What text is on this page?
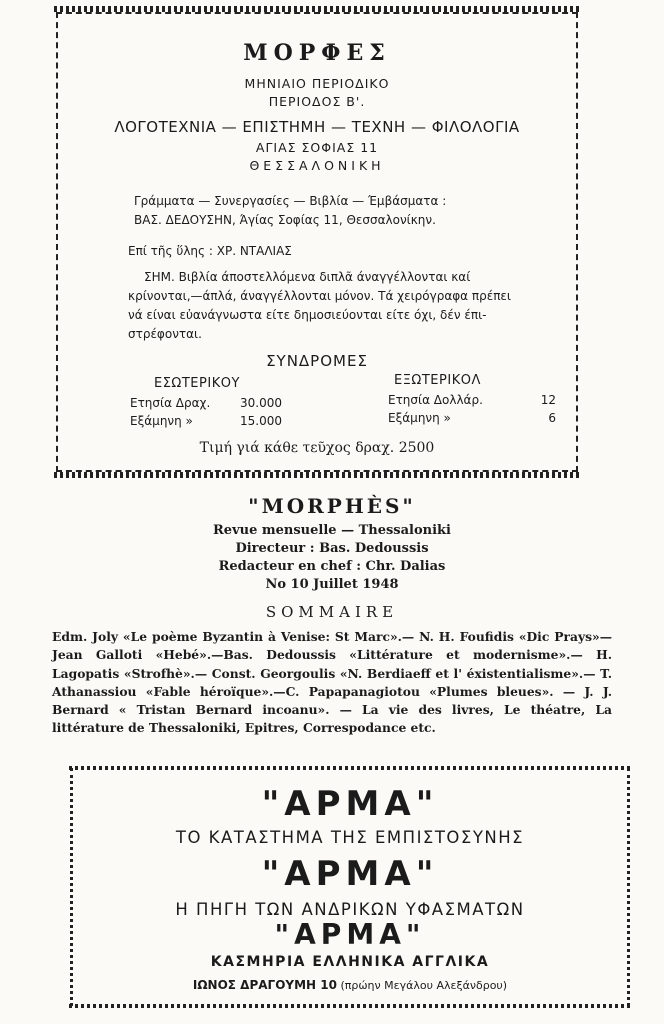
ΜΟΡΦΕΣ
ΜΗΝΙΑΙΟ ΠΕΡΙΟΔΙΚΟ
ΠΕΡΙΟΔΟΣ Β'.
ΛΟΓΟΤΕΧΝΙΑ — ΕΠΙΣΤΗΜΗ — ΤΕΧΝΗ — ΦΙΛΟΛΟΓΙΑ
ΑΓΙΑΣ ΣΟΦΙΑΣ 11
ΘΕΣΣΑΛΟΝΙΚΗ
Γράμματα — Συνεργασίες — Βιβλία — Έμβάσματα :
ΒΑΣ. ΔΕΔΟΥΣΗΝ, Άγίας Σοφίας 11, Θεσσαλονίκην.
Επί τῆς ὕλης : ΧΡ. ΝΤΑΛΙΑΣ
ΣΗΜ. Βιβλία άποστελλόμενα διπλᾶ άναγγέλλονται καί
κρίνονται,—άπλά, άναγγέλλονται μόνον. Τά χειρόγραφα πρέπει
νά είναι εὐανάγνωστα είτε δημοσιεύονται είτε όχι, δέν έπι-
στρέφονται.
ΣΥΝΔΡΟΜΕΣ
ΕΣΩΤΕΡΙΚΟΥ	ΕΞΩΤΕΡΙΚΟΛ
Ετησία Δραχ. 30.000
Εξάμηνη »	15.000
Ετησία Δολλάρ.	12
Εξάμηνη »	6
Τιμή γιά κάθε τεῦχος δραχ. 2500
"MORPHÈS"
Revue mensuelle — Thessaloniki
Directeur : Bas. Dedoussis
Redacteur en chef : Chr. Dalias
No 10 Juillet 1948
SOMMAIRE
Edm. Joly «Le poème Byzantin à Venise: St Marc».— N. H. Foufidis «Dic Prays»—Jean Galloti «Hebé».—Bas. Dedoussis «Littérature et modernisme».— H. Lagopatis «Strofhè».— Const. Georgoulis «N. Berdiaeff et l' éxistentialisme».— T. Athanassiou «Fable héroïque».—C. Papapanagiotou «Plumes bleues». — J. J. Bernard « Tristan Bernard incoanu». — La vie des livres, Le théatre, La littérature de Thessaloniki, Epitres, Correspodance etc.
"ΑΡΜΑ"
ΤΟ ΚΑΤΑΣΤΗΜΑ ΤΗΣ ΕΜΠΙΣΤΟΣΥΝΗΣ
"ΑΡΜΑ"
Η ΠΗΓΗ ΤΩΝ ΑΝΔΡΙΚΩΝ ΥΦΑΣΜΑΤΩΝ
"ΑΡΜΑ"
ΚΑΣΜΗΡΙΑ ΕΛΛΗΝΙΚΑ ΑΓΓΛΙΚΑ
ΙΩΝΟΣ ΔΡΑΓΟΥΜΗ 10 (πρώην Μεγάλου Αλεξάνδρου)
